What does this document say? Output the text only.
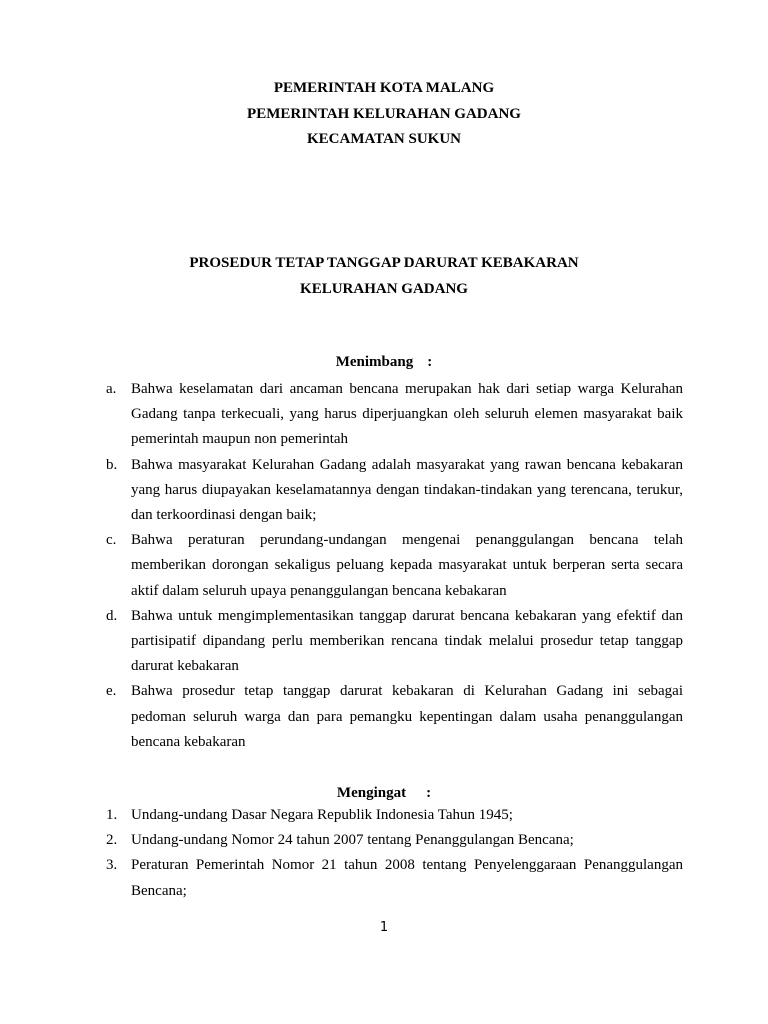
PEMERINTAH KOTA MALANG
PEMERINTAH KELURAHAN GADANG
KECAMATAN SUKUN
PROSEDUR TETAP TANGGAP DARURAT KEBAKARAN
KELURAHAN GADANG
Menimbang :
a. Bahwa keselamatan dari ancaman bencana merupakan hak dari setiap warga Kelurahan Gadang tanpa terkecuali, yang harus diperjuangkan oleh seluruh elemen masyarakat baik pemerintah maupun non pemerintah
b. Bahwa masyarakat Kelurahan Gadang adalah masyarakat yang rawan bencana kebakaran yang harus diupayakan keselamatannya dengan tindakan-tindakan yang terencana, terukur, dan terkoordinasi dengan baik;
c. Bahwa peraturan perundang-undangan mengenai penanggulangan bencana telah memberikan dorongan sekaligus peluang kepada masyarakat untuk berperan serta secara aktif dalam seluruh upaya penanggulangan bencana kebakaran
d. Bahwa untuk mengimplementasikan tanggap darurat bencana kebakaran yang efektif dan partisipatif dipandang perlu memberikan rencana tindak melalui prosedur tetap tanggap darurat kebakaran
e. Bahwa prosedur tetap tanggap darurat kebakaran di Kelurahan Gadang ini sebagai pedoman seluruh warga dan para pemangku kepentingan dalam usaha penanggulangan bencana kebakaran
Mengingat :
1. Undang-undang Dasar Negara Republik Indonesia Tahun 1945;
2. Undang-undang Nomor 24 tahun 2007 tentang Penanggulangan Bencana;
3. Peraturan Pemerintah Nomor 21 tahun 2008 tentang Penyelenggaraan Penanggulangan Bencana;
1
